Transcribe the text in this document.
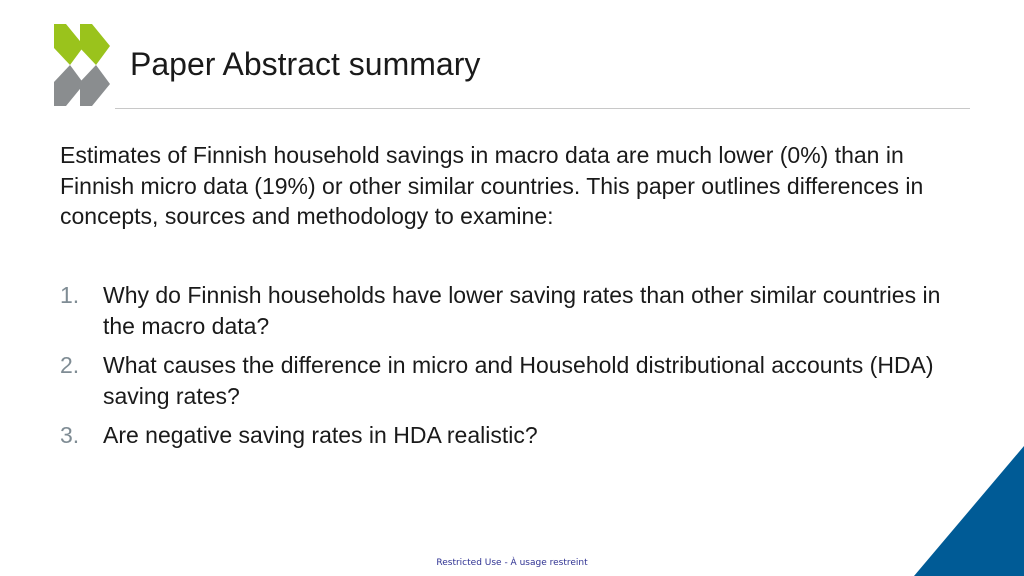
Paper Abstract summary

Estimates of Finnish household savings in macro data are much lower (0%) than in Finnish micro data (19%) or other similar countries. This paper outlines differences in concepts, sources and methodology to examine:

1. Why do Finnish households have lower saving rates than other similar countries in the macro data?
2. What causes the difference in micro and Household distributional accounts (HDA) saving rates?
3. Are negative saving rates in HDA realistic?
Restricted Use - À usage restreint
